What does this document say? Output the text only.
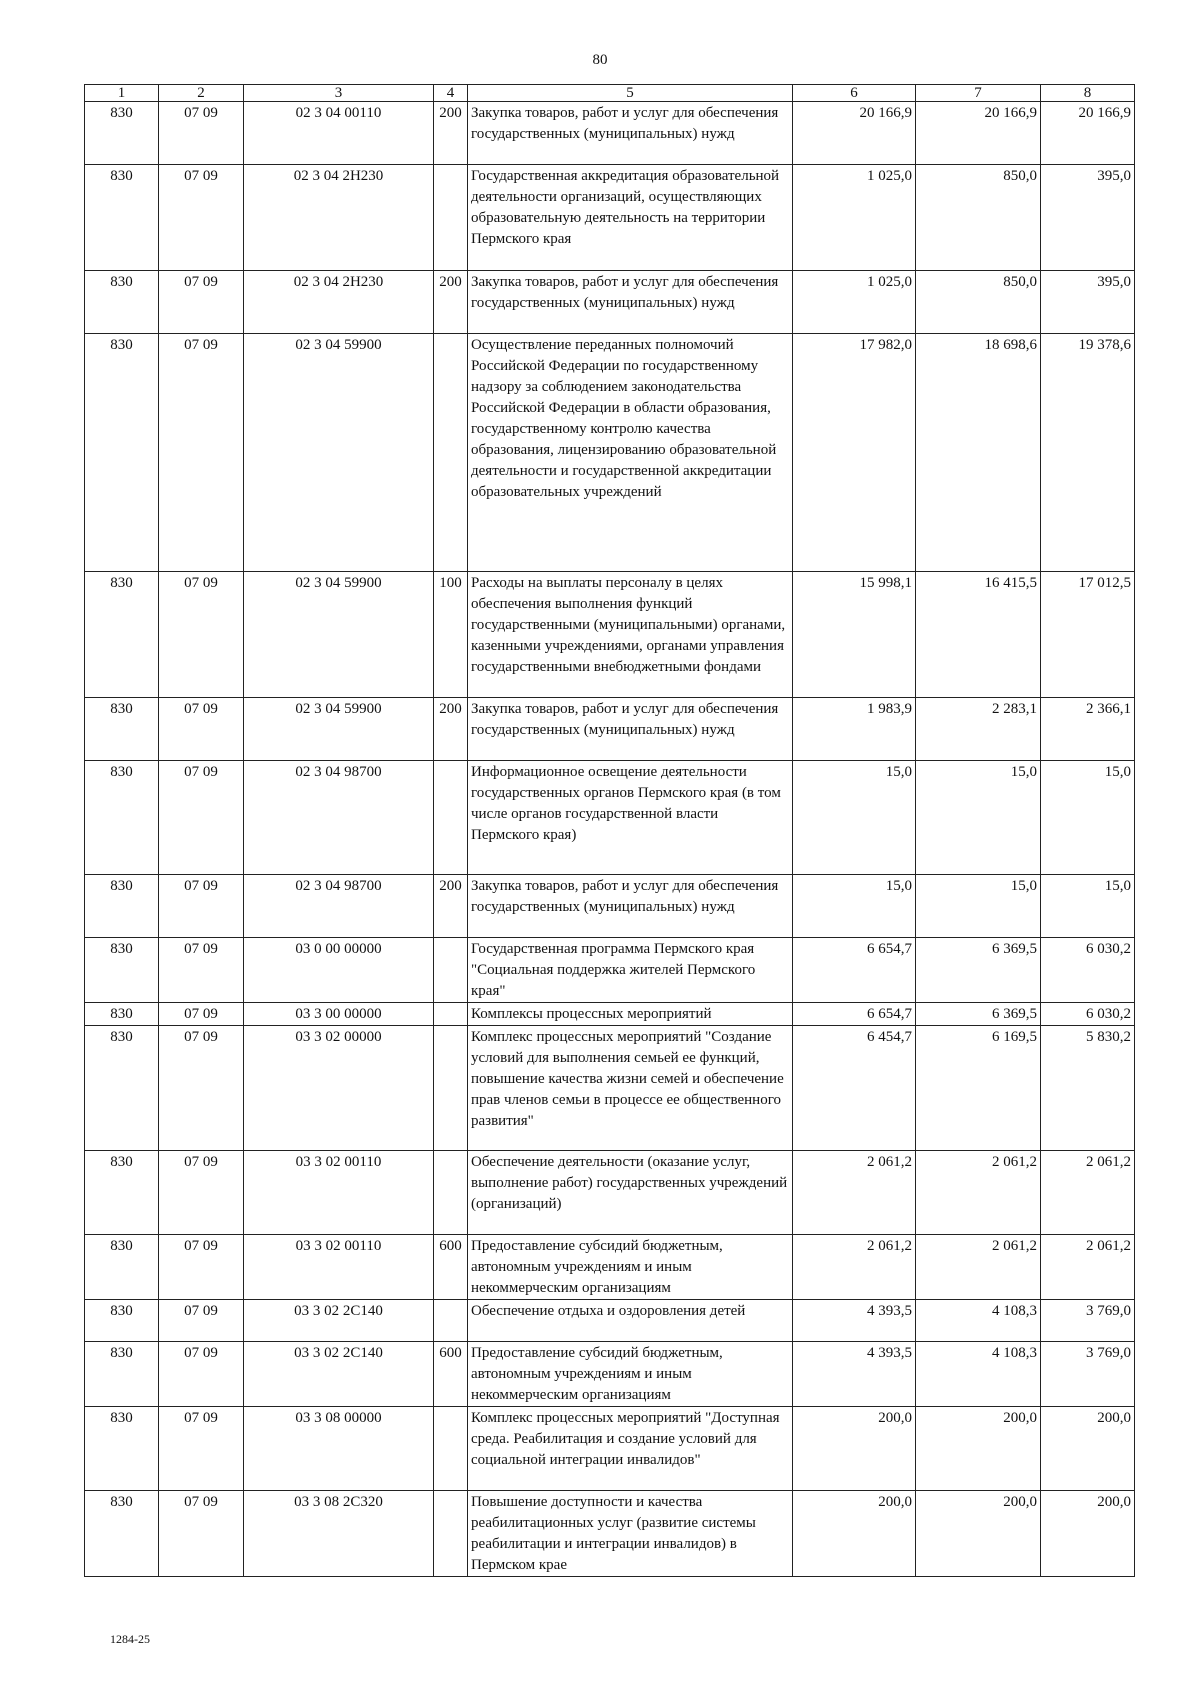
80
1	2	3	4	5	6	7	8
830	07 09	02 3 04 00110	200	Закупка товаров, работ и услуг для обеспечения государственных (муниципальных) нужд	20 166,9	20 166,9	20 166,9
830	07 09	02 3 04 2Н230		Государственная аккредитация образовательной деятельности организаций, осуществляющих образовательную деятельность на территории Пермского края	1 025,0	850,0	395,0
830	07 09	02 3 04 2Н230	200	Закупка товаров, работ и услуг для обеспечения государственных (муниципальных) нужд	1 025,0	850,0	395,0
830	07 09	02 3 04 59900		Осуществление переданных полномочий Российской Федерации по государственному надзору за соблюдением законодательства Российской Федерации в области образования, государственному контролю качества образования, лицензированию образовательной деятельности и государственной аккредитации образовательных учреждений	17 982,0	18 698,6	19 378,6
830	07 09	02 3 04 59900	100	Расходы на выплаты персоналу в целях обеспечения выполнения функций государственными (муниципальными) органами, казенными учреждениями, органами управления государственными внебюджетными фондами	15 998,1	16 415,5	17 012,5
830	07 09	02 3 04 59900	200	Закупка товаров, работ и услуг для обеспечения государственных (муниципальных) нужд	1 983,9	2 283,1	2 366,1
830	07 09	02 3 04 98700		Информационное освещение деятельности государственных органов Пермского края (в том числе органов государственной власти Пермского края)	15,0	15,0	15,0
830	07 09	02 3 04 98700	200	Закупка товаров, работ и услуг для обеспечения государственных (муниципальных) нужд	15,0	15,0	15,0
830	07 09	03 0 00 00000		Государственная программа Пермского края "Социальная поддержка жителей Пермского края"	6 654,7	6 369,5	6 030,2
830	07 09	03 3 00 00000		Комплексы процессных мероприятий	6 654,7	6 369,5	6 030,2
830	07 09	03 3 02 00000		Комплекс процессных мероприятий "Создание условий для выполнения семьей ее функций, повышение качества жизни семей и обеспечение прав членов семьи в процессе ее общественного развития"	6 454,7	6 169,5	5 830,2
830	07 09	03 3 02 00110		Обеспечение деятельности (оказание услуг, выполнение работ) государственных учреждений (организаций)	2 061,2	2 061,2	2 061,2
830	07 09	03 3 02 00110	600	Предоставление субсидий бюджетным, автономным учреждениям и иным некоммерческим организациям	2 061,2	2 061,2	2 061,2
830	07 09	03 3 02 2С140		Обеспечение отдыха и оздоровления детей	4 393,5	4 108,3	3 769,0
830	07 09	03 3 02 2С140	600	Предоставление субсидий бюджетным, автономным учреждениям и иным некоммерческим организациям	4 393,5	4 108,3	3 769,0
830	07 09	03 3 08 00000		Комплекс процессных мероприятий "Доступная среда. Реабилитация и создание условий для социальной интеграции инвалидов"	200,0	200,0	200,0
830	07 09	03 3 08 2С320		Повышение доступности и качества реабилитационных услуг (развитие системы реабилитации и интеграции инвалидов) в Пермском крае	200,0	200,0	200,0
1284-25
